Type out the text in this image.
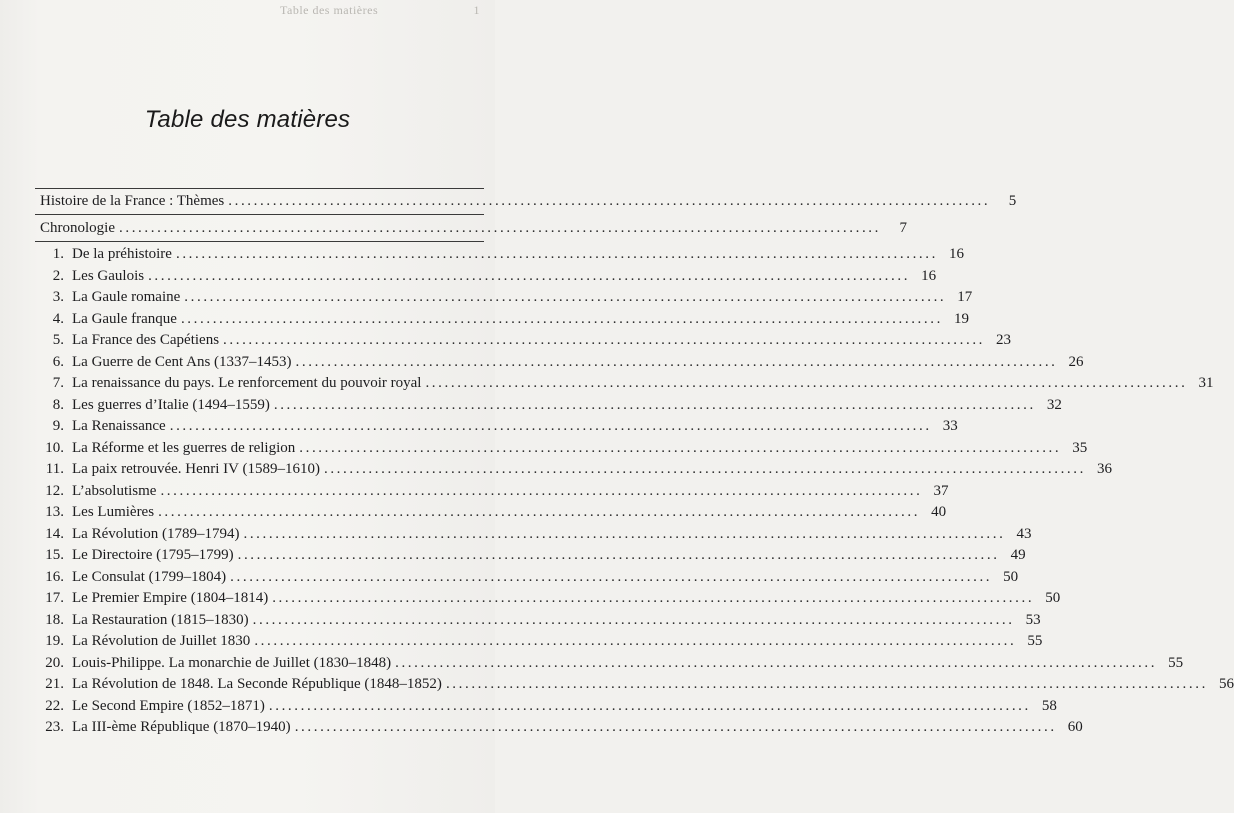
Table des matières	1
Table des matières
Histoire de la France : Thèmes ........................................................................................................................	5
Chronologie ........................................................................................................................	7
1. De la préhistoire ........................................................................................................................ 16
2. Les Gaulois ........................................................................................................................ 16
3. La Gaule romaine ........................................................................................................................ 17
4. La Gaule franque ........................................................................................................................ 19
5. La France des Capétiens ........................................................................................................................ 23
6. La Guerre de Cent Ans (1337–1453) ........................................................................................................................ 26
7. La renaissance du pays. Le renforcement du pouvoir royal ........................................................................................................................ 31
8. Les guerres d’Italie (1494–1559) ........................................................................................................................ 32
9. La Renaissance ........................................................................................................................ 33
10. La Réforme et les guerres de religion ........................................................................................................................ 35
11. La paix retrouvée. Henri IV (1589–1610) ........................................................................................................................ 36
12. L’absolutisme ........................................................................................................................ 37
13. Les Lumières ........................................................................................................................ 40
14. La Révolution (1789–1794) ........................................................................................................................ 43
15. Le Directoire (1795–1799) ........................................................................................................................ 49
16. Le Consulat (1799–1804) ........................................................................................................................ 50
17. Le Premier Empire (1804–1814) ........................................................................................................................ 50
18. La Restauration (1815–1830) ........................................................................................................................ 53
19. La Révolution de Juillet 1830 ........................................................................................................................ 55
20. Louis-Philippe. La monarchie de Juillet (1830–1848) ........................................................................................................................ 55
21. La Révolution de 1848. La Seconde République (1848–1852) ........................................................................................................................ 56
22. Le Second Empire (1852–1871) ........................................................................................................................ 58
23. La III-ème République (1870–1940) ........................................................................................................................ 60
